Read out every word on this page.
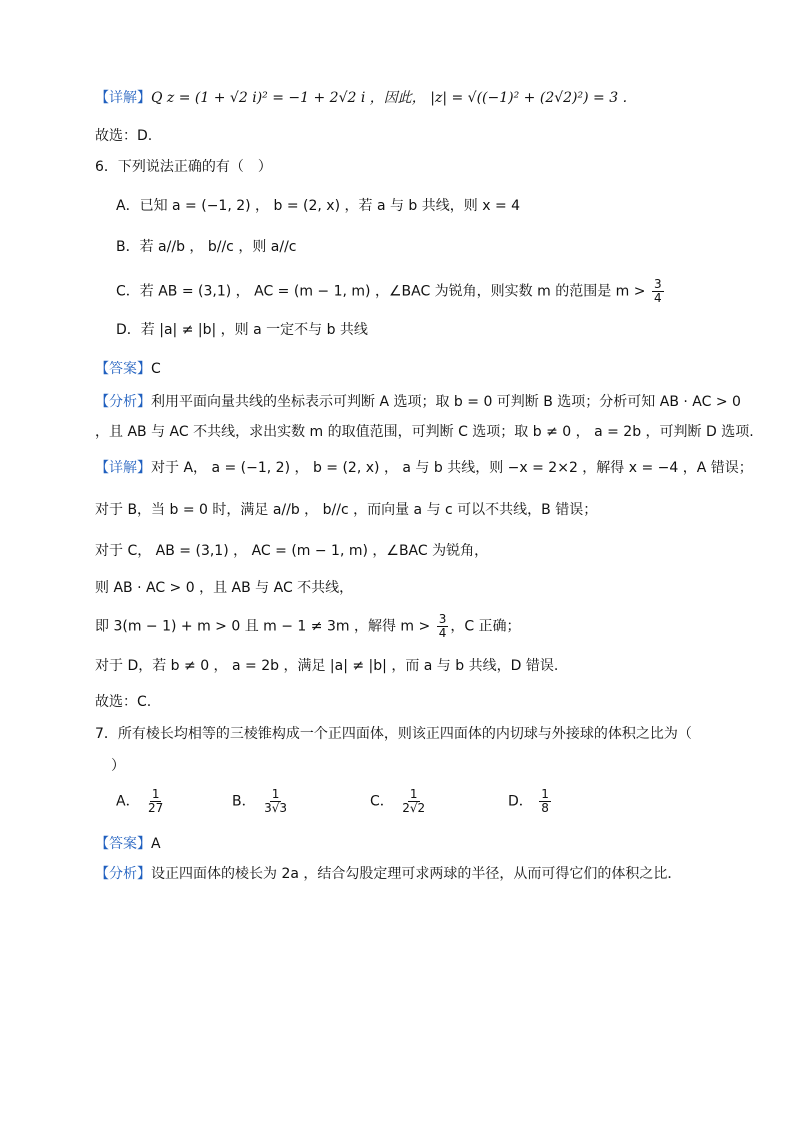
【详解】Q z = (1 + √2 i)² = −1 + 2√2 i ，因此， |z| = √((−1)² + (2√2)²) = 3 .
故选：D.
6．下列说法正确的有（　）
A．已知 a = (−1, 2) ， b = (2, x) ，若 a 与 b 共线，则 x = 4
B．若 a//b ， b//c ，则 a//c
C．若 AB = (3,1) ， AC = (m − 1, m) ，∠BAC 为锐角，则实数 m 的范围是 $m > \frac{3}{4}$
D．若 |a| ≠ |b| ，则 a 一定不与 b 共线
【答案】C
【分析】利用平面向量共线的坐标表示可判断 A 选项；取 b = 0 可判断 B 选项；分析可知 AB · AC > 0
，且 AB 与 AC 不共线，求出实数 m 的取值范围，可判断 C 选项；取 b ≠ 0 ， a = 2b ，可判断 D 选项.
【详解】对于 A， a = (−1, 2) ， b = (2, x) ， a 与 b 共线，则 −x = 2×2 ，解得 x = −4 ，A 错误；
对于 B，当 b = 0 时，满足 a//b ， b//c ，而向量 a 与 c 可以不共线，B 错误；
对于 C， AB = (3,1) ， AC = (m − 1, m) ，∠BAC 为锐角，
则 AB · AC > 0 ，且 AB 与 AC 不共线，
即 3(m − 1) + m > 0 且 m − 1 ≠ 3m ，解得 $m > \frac{3}{4}$ ，C 正确；
对于 D，若 b ≠ 0 ， a = 2b ，满足 |a| ≠ |b| ，而 a 与 b 共线，D 错误.
故选：C.
7．所有棱长均相等的三棱锥构成一个正四面体，则该正四面体的内切球与外接球的体积之比为（
）
A． $\frac{1}{27}$	B． $\frac{1}{3√3}$	C． $\frac{1}{2√2}$	D． $\frac{1}{8}$
【答案】A
【分析】设正四面体的棱长为 2a ，结合勾股定理可求两球的半径，从而可得它们的体积之比．
